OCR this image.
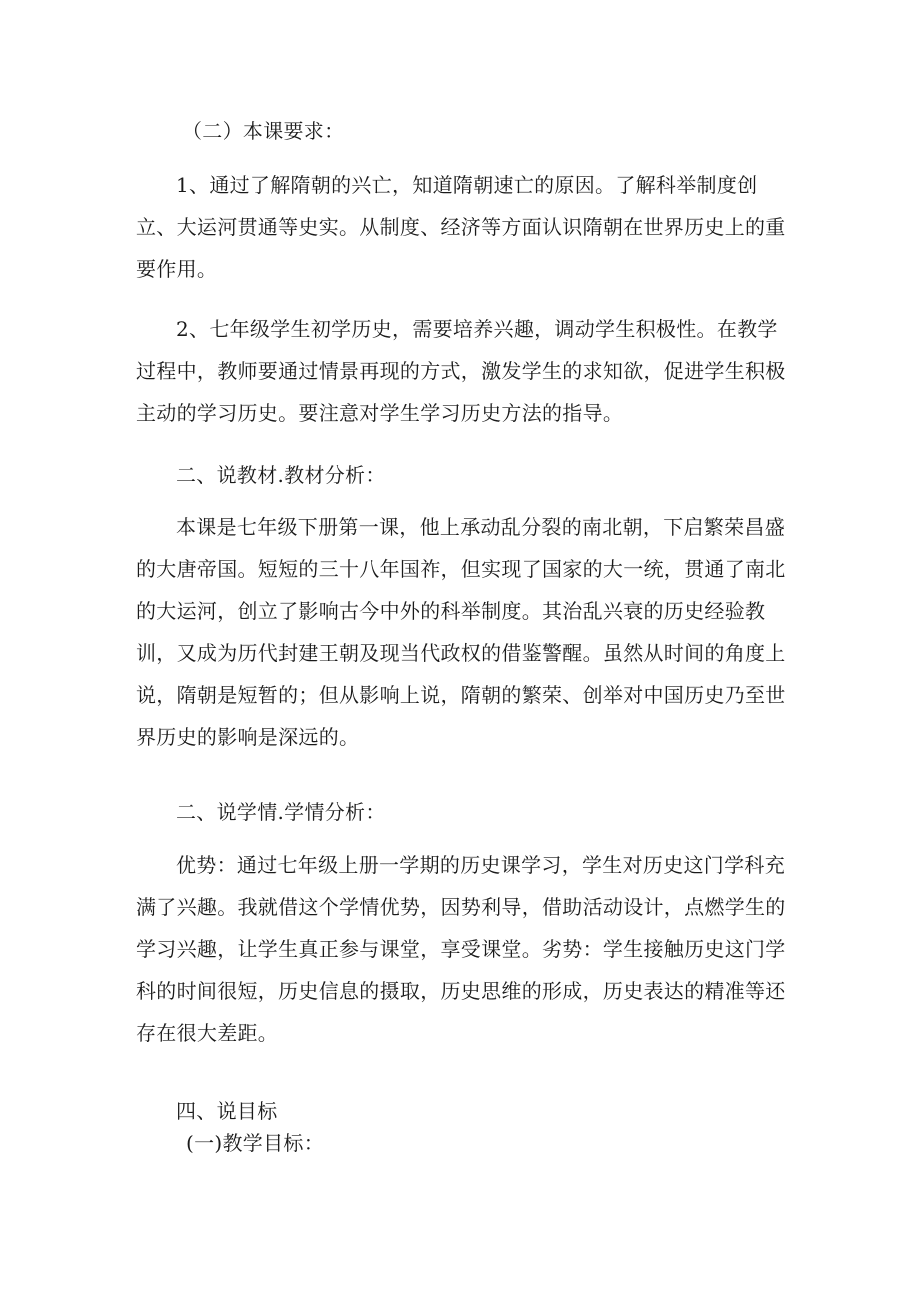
（二）本课要求：
1、通过了解隋朝的兴亡，知道隋朝速亡的原因。了解科举制度创立、大运河贯通等史实。从制度、经济等方面认识隋朝在世界历史上的重要作用。
2、七年级学生初学历史，需要培养兴趣，调动学生积极性。在教学过程中，教师要通过情景再现的方式，激发学生的求知欲，促进学生积极主动的学习历史。要注意对学生学习历史方法的指导。
二、说教材.教材分析：
本课是七年级下册第一课，他上承动乱分裂的南北朝，下启繁荣昌盛的大唐帝国。短短的三十八年国祚，但实现了国家的大一统，贯通了南北的大运河，创立了影响古今中外的科举制度。其治乱兴衰的历史经验教训，又成为历代封建王朝及现当代政权的借鉴警醒。虽然从时间的角度上说，隋朝是短暂的；但从影响上说，隋朝的繁荣、创举对中国历史乃至世界历史的影响是深远的。
二、说学情.学情分析：
优势：通过七年级上册一学期的历史课学习，学生对历史这门学科充满了兴趣。我就借这个学情优势，因势利导，借助活动设计，点燃学生的学习兴趣，让学生真正参与课堂，享受课堂。劣势：学生接触历史这门学科的时间很短，历史信息的摄取，历史思维的形成，历史表达的精准等还存在很大差距。
四、说目标
(一)教学目标：
